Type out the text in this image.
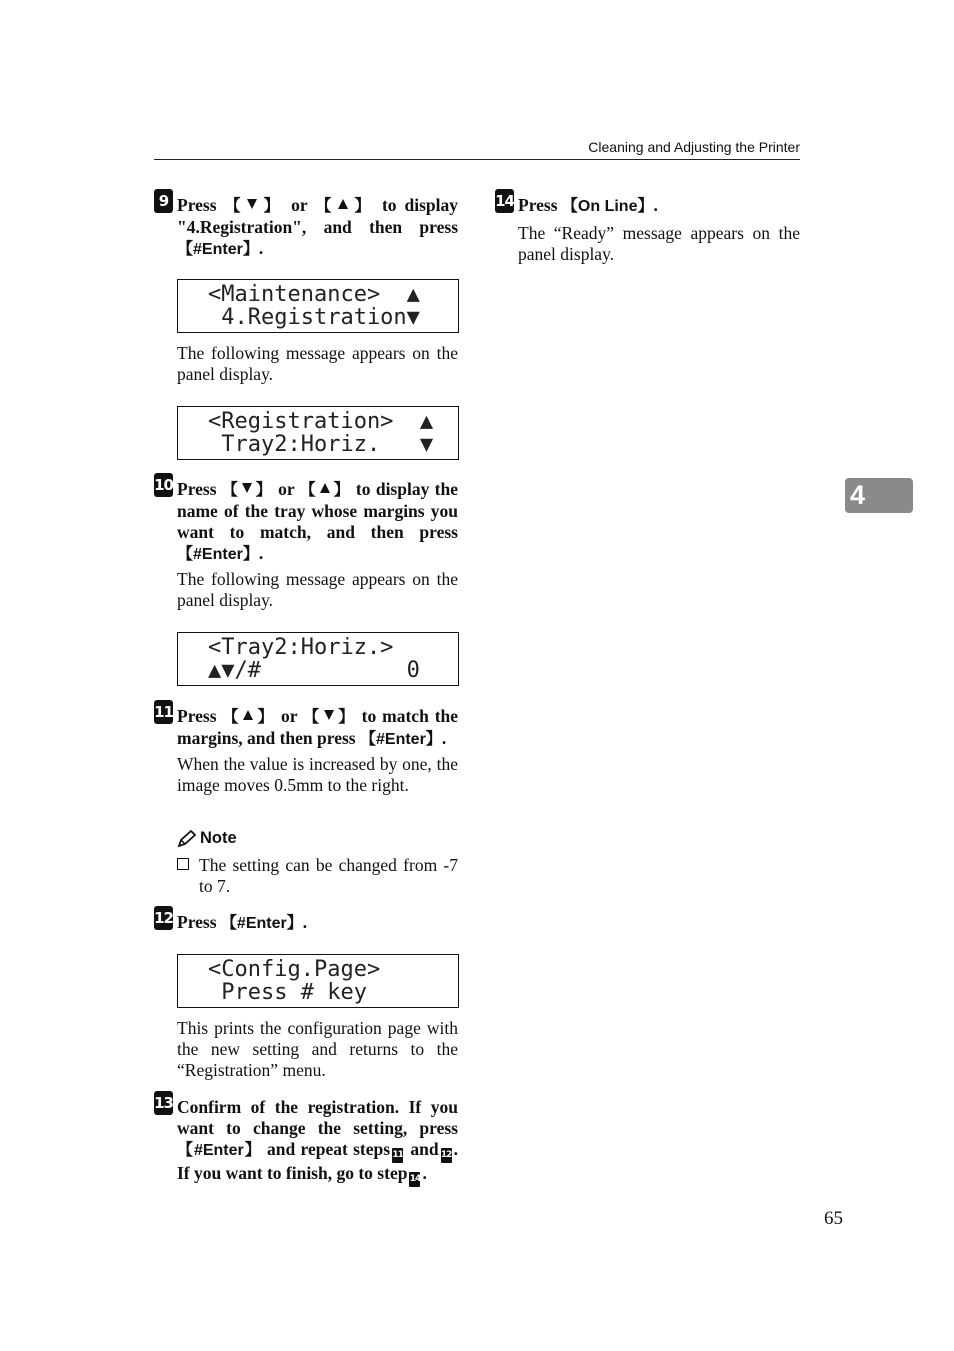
Cleaning and Adjusting the Printer
4
9 Press 【 】 or 【 】 to display "4.Registration", and then press 【#Enter】.
<Maintenance>  ▲
4.Registration▼
The following message appears on the panel display.
<Registration>  ▲
Tray2:Horiz.   ▼
10 Press 【 】 or 【 】 to display the name of the tray whose margins you want to match, and then press 【#Enter】.
The following message appears on the panel display.
<Tray2:Horiz.>
▲▼/#           0
11 Press 【 】 or 【 】 to match the margins, and then press 【#Enter】.
When the value is increased by one, the image moves 0.5mm to the right.
Note
The setting can be changed from -7 to 7.
12 Press 【#Enter】.
<Config.Page>
Press # key
This prints the configuration page with the new setting and returns to the “Registration” menu.
13 Confirm of the registration. If you want to change the setting, press 【#Enter】 and repeat steps 11 and 12 . If you want to finish, go to step 14 .
14 Press 【On Line】.
The “Ready” message appears on the panel display.
65
